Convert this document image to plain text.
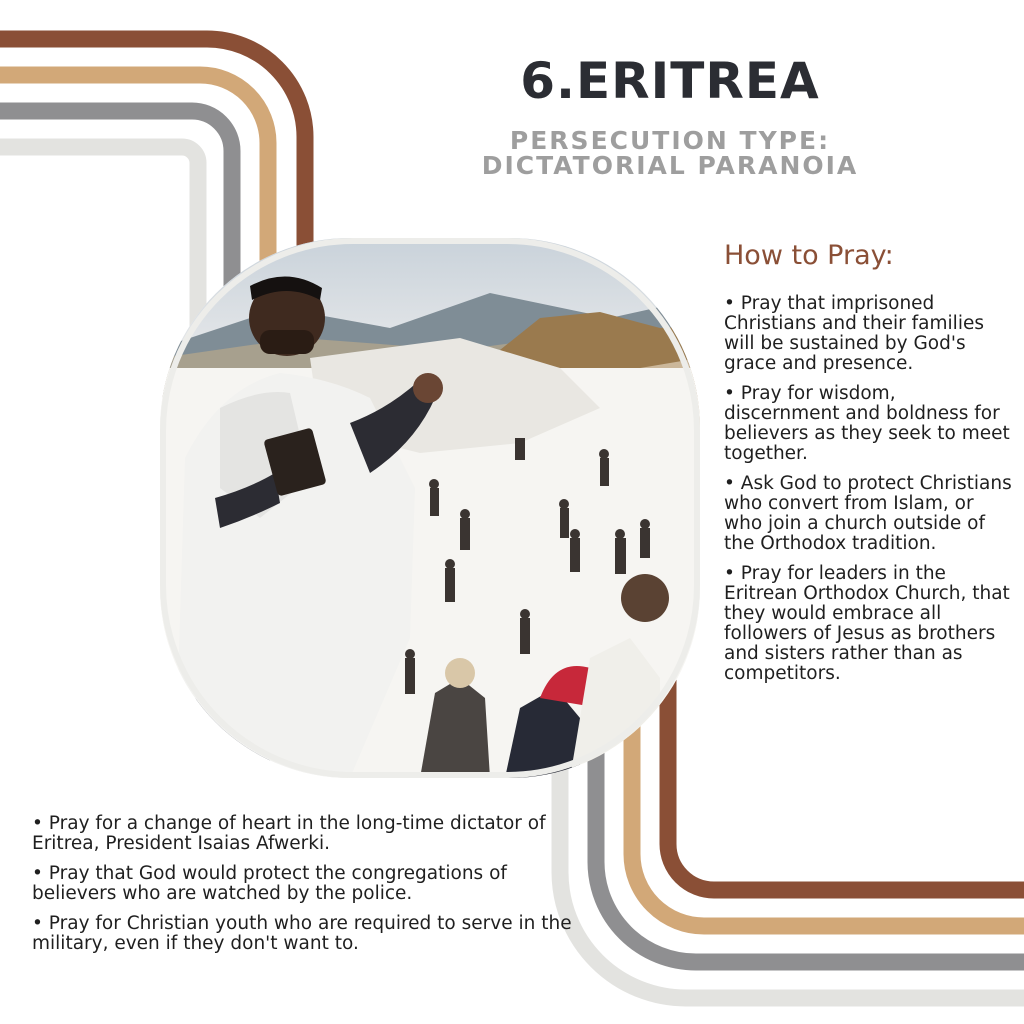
6.ERITREA
PERSECUTION TYPE:
DICTATORIAL PARANOIA
How to Pray:
• Pray that imprisoned Christians and their families will be sustained by God's grace and presence.
• Pray for wisdom, discernment and boldness for believers as they seek to meet together.
• Ask God to protect Christians who convert from Islam, or who join a church outside of the Orthodox tradition.
• Pray for leaders in the Eritrean Orthodox Church, that they would embrace all followers of Jesus as brothers and sisters rather than as competitors.
• Pray for a change of heart in the long-time dictator of Eritrea, President Isaias Afwerki.
• Pray that God would protect the congregations of believers who are watched by the police.
• Pray for Christian youth who are required to serve in the military, even if they don't want to.
